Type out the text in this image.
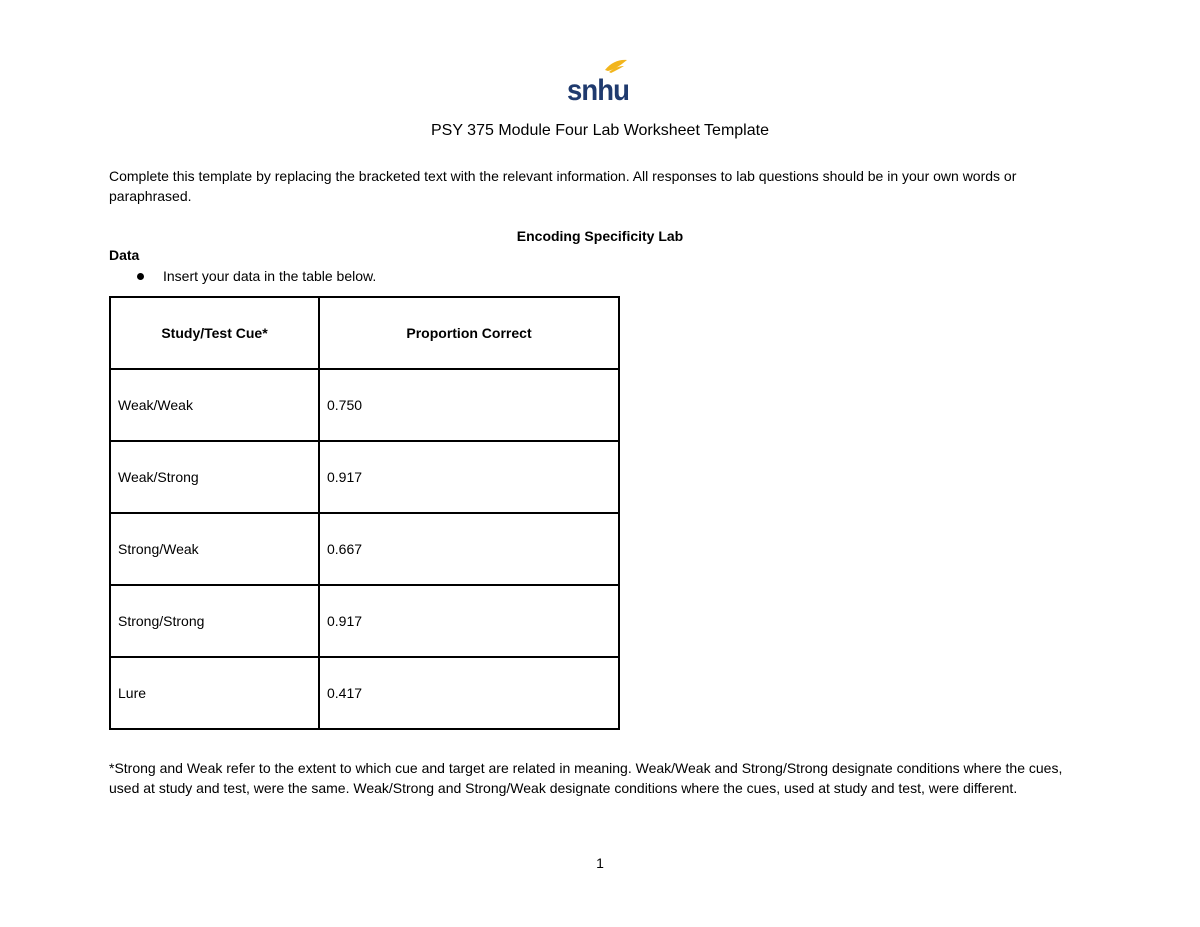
snhu
PSY 375 Module Four Lab Worksheet Template
Complete this template by replacing the bracketed text with the relevant information. All responses to lab questions should be in your own words or paraphrased.
Encoding Specificity Lab
Data
Insert your data in the table below.
Study/Test Cue*	Proportion Correct
Weak/Weak	0.750
Weak/Strong	0.917
Strong/Weak	0.667
Strong/Strong	0.917
Lure	0.417
*Strong and Weak refer to the extent to which cue and target are related in meaning. Weak/Weak and Strong/Strong designate conditions where the cues, used at study and test, were the same. Weak/Strong and Strong/Weak designate conditions where the cues, used at study and test, were different.
1
